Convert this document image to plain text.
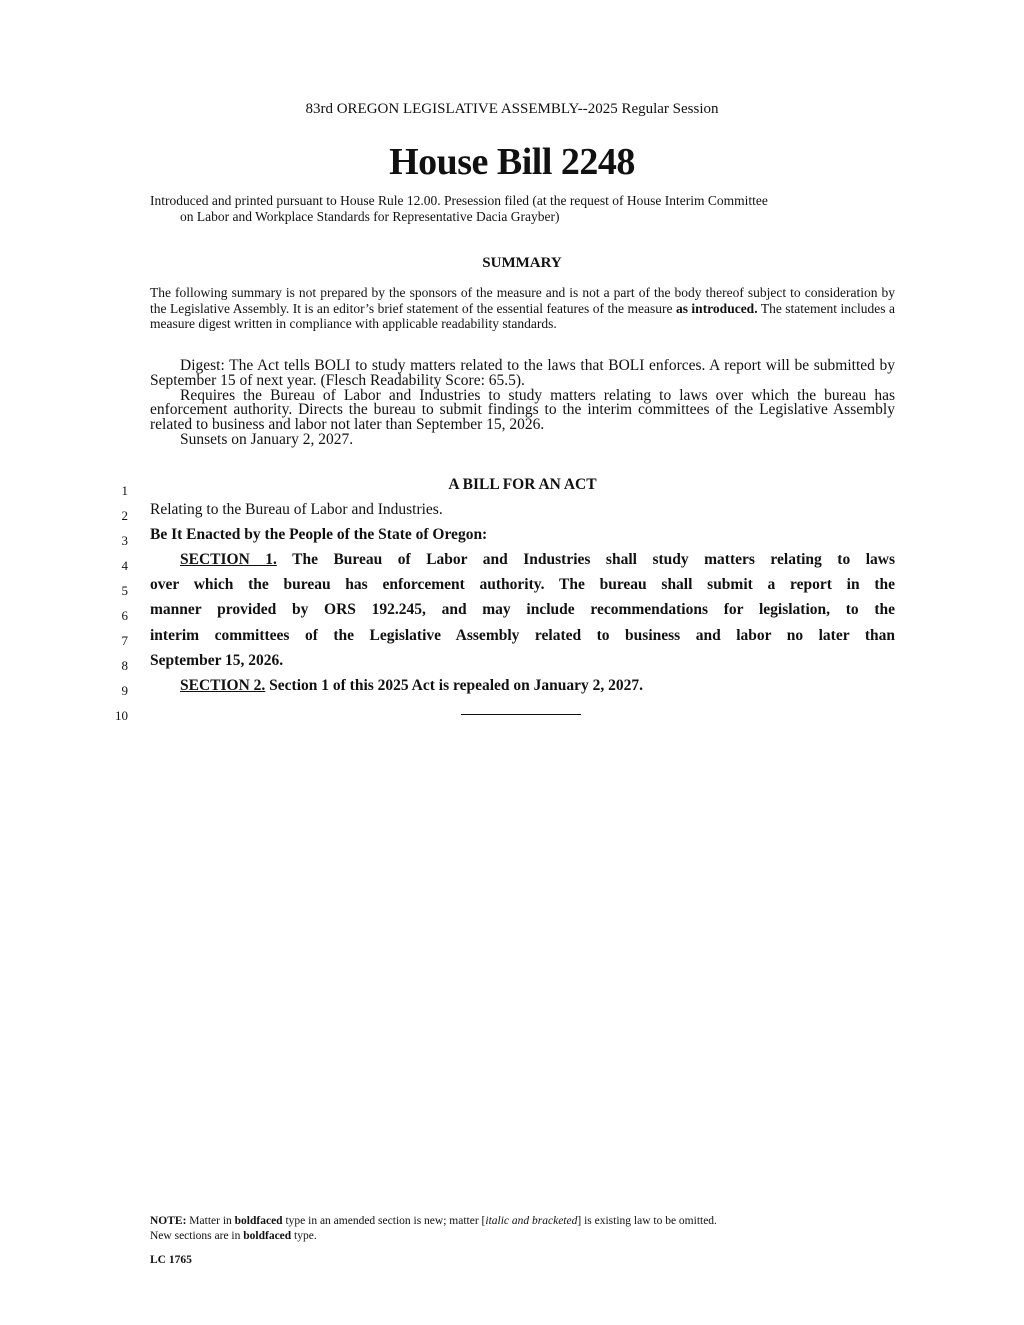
83rd OREGON LEGISLATIVE ASSEMBLY--2025 Regular Session
House Bill 2248
Introduced and printed pursuant to House Rule 12.00. Presession filed (at the request of House Interim Committee
on Labor and Workplace Standards for Representative Dacia Grayber)
SUMMARY
The following summary is not prepared by the sponsors of the measure and is not a part of the body thereof subject to consideration by the Legislative Assembly. It is an editor’s brief statement of the essential features of the measure as introduced. The statement includes a measure digest written in compliance with applicable readability standards.

Digest: The Act tells BOLI to study matters related to the laws that BOLI enforces. A report will be submitted by September 15 of next year. (Flesch Readability Score: 65.5).

Requires the Bureau of Labor and Industries to study matters relating to laws over which the bureau has enforcement authority. Directs the bureau to submit findings to the interim committees of the Legislative Assembly related to business and labor not later than September 15, 2026.

Sunsets on January 2, 2027.

1
2
3
4
5
6
7
8
9
10
A BILL FOR AN ACT
Relating to the Bureau of Labor and Industries.
Be It Enacted by the People of the State of Oregon:
SECTION 1. The Bureau of Labor and Industries shall study matters relating to laws
over which the bureau has enforcement authority. The bureau shall submit a report in the
manner provided by ORS 192.245, and may include recommendations for legislation, to the
interim committees of the Legislative Assembly related to business and labor no later than
September 15, 2026.
SECTION 2. Section 1 of this 2025 Act is repealed on January 2, 2027.
NOTE: Matter in boldfaced type in an amended section is new; matter [italic and bracketed] is existing law to be omitted.
New sections are in boldfaced type.
LC 1765
